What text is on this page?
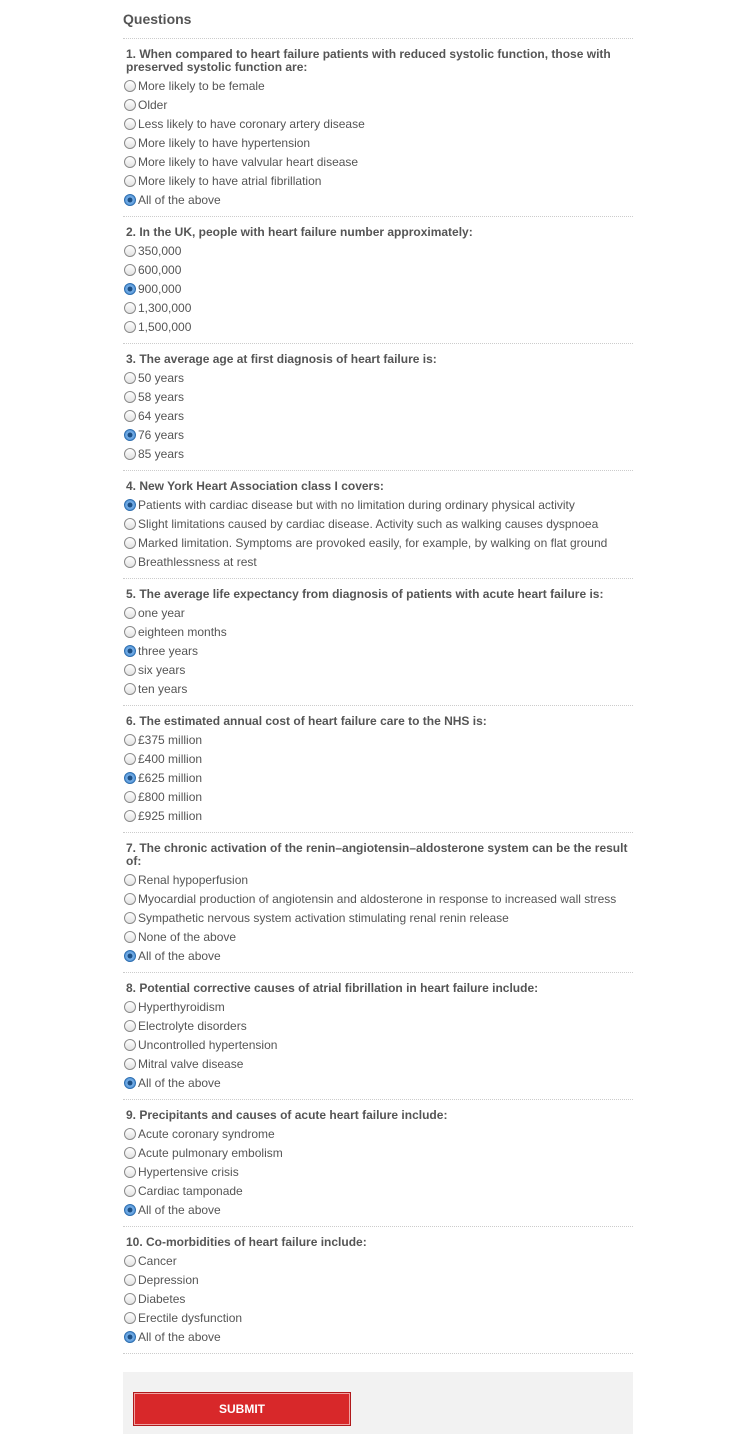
Questions
1. When compared to heart failure patients with reduced systolic function, those with preserved systolic function are:
More likely to be female
Older
Less likely to have coronary artery disease
More likely to have hypertension
More likely to have valvular heart disease
More likely to have atrial fibrillation
All of the above
2. In the UK, people with heart failure number approximately:
350,000
600,000
900,000
1,300,000
1,500,000
3. The average age at first diagnosis of heart failure is:
50 years
58 years
64 years
76 years
85 years
4. New York Heart Association class I covers:
Patients with cardiac disease but with no limitation during ordinary physical activity
Slight limitations caused by cardiac disease. Activity such as walking causes dyspnoea
Marked limitation. Symptoms are provoked easily, for example, by walking on flat ground
Breathlessness at rest
5. The average life expectancy from diagnosis of patients with acute heart failure is:
one year
eighteen months
three years
six years
ten years
6. The estimated annual cost of heart failure care to the NHS is:
£375 million
£400 million
£625 million
£800 million
£925 million
7. The chronic activation of the renin–angiotensin–aldosterone system can be the result of:
Renal hypoperfusion
Myocardial production of angiotensin and aldosterone in response to increased wall stress
Sympathetic nervous system activation stimulating renal renin release
None of the above
All of the above
8. Potential corrective causes of atrial fibrillation in heart failure include:
Hyperthyroidism
Electrolyte disorders
Uncontrolled hypertension
Mitral valve disease
All of the above
9. Precipitants and causes of acute heart failure include:
Acute coronary syndrome
Acute pulmonary embolism
Hypertensive crisis
Cardiac tamponade
All of the above
10. Co-morbidities of heart failure include:
Cancer
Depression
Diabetes
Erectile dysfunction
All of the above
SUBMIT
